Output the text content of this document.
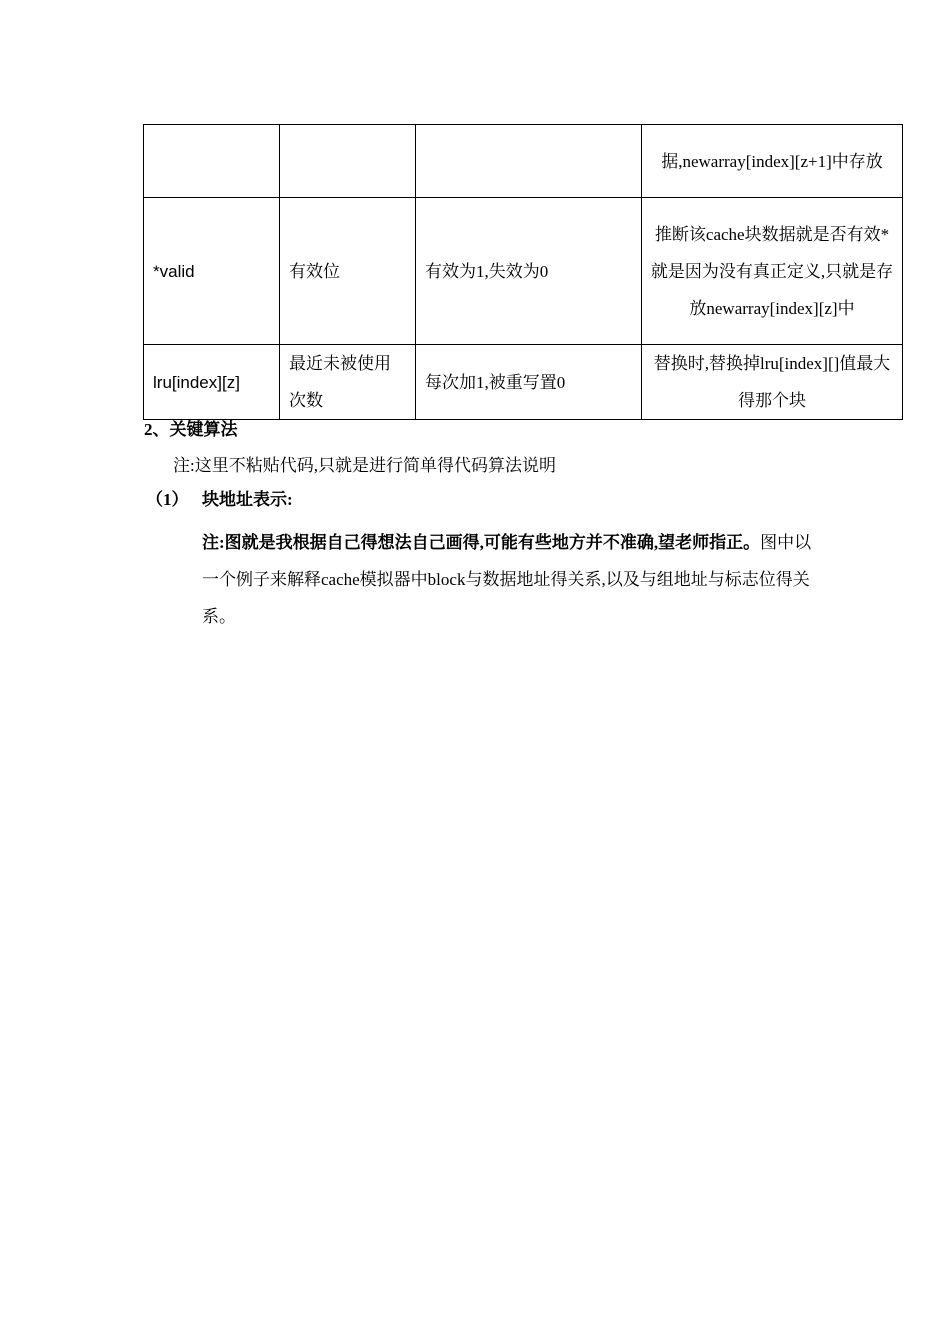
			据,newarray[index][z+1]中存放
*valid	有效位	有效为1,失效为0	推断该cache块数据就是否有效*就是因为没有真正定义,只就是存放newarray[index][z]中
lru[index][z]	最近未被使用次数	每次加1,被重写置0	替换时,替换掉lru[index][]值最大得那个块

2、关键算法

注:这里不粘贴代码,只就是进行简单得代码算法说明

（1） 块地址表示:

注:图就是我根据自己得想法自己画得,可能有些地方并不准确,望老师指正。图中以一个例子来解释cache模拟器中block与数据地址得关系,以及与组地址与标志位得关系。
